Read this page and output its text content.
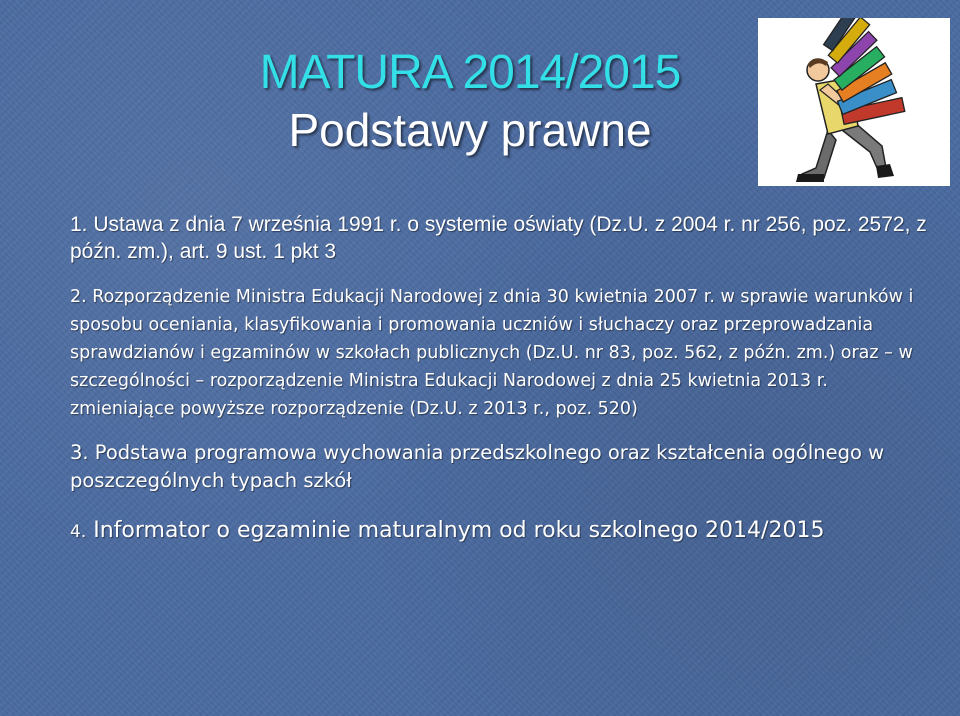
MATURA 2014/2015
Podstawy prawne

1. Ustawa z dnia 7 września 1991 r. o systemie oświaty (Dz.U. z 2004 r. nr 256, poz. 2572, z późn. zm.), art. 9 ust. 1 pkt 3

2. Rozporządzenie Ministra Edukacji Narodowej z dnia 30 kwietnia 2007 r. w sprawie warunków i sposobu oceniania, klasyfikowania i promowania uczniów i słuchaczy oraz przeprowadzania sprawdzianów i egzaminów w szkołach publicznych (Dz.U. nr 83, poz. 562, z późn. zm.) oraz – w szczególności – rozporządzenie Ministra Edukacji Narodowej z dnia 25 kwietnia 2013 r. zmieniające powyższe rozporządzenie (Dz.U. z 2013 r., poz. 520)

3. Podstawa programowa wychowania przedszkolnego oraz kształcenia ogólnego w poszczególnych typach szkół

4. Informator o egzaminie maturalnym od roku szkolnego 2014/2015
